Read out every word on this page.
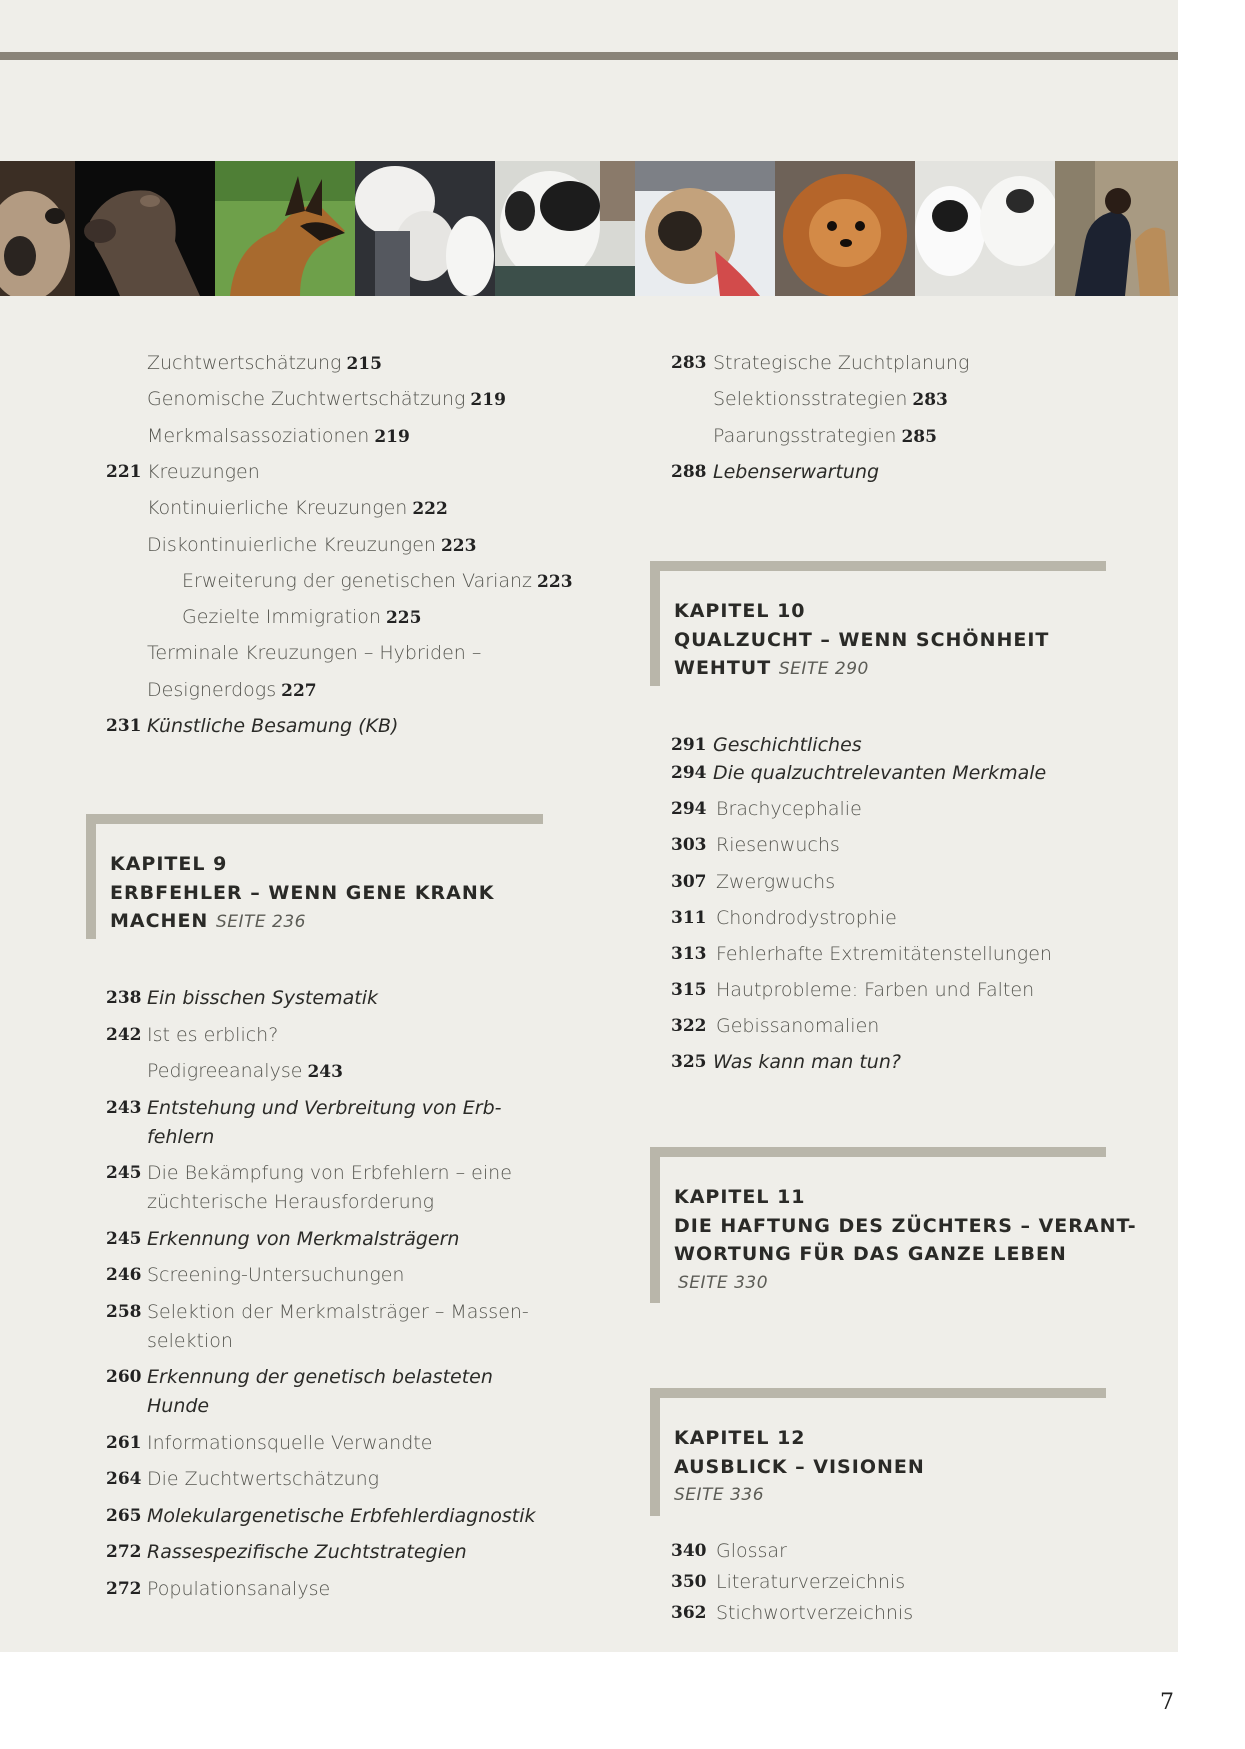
Zuchtwertschätzung 215
Genomische Zuchtwertschätzung 219
Merkmalsassoziationen 219
221 Kreuzungen
Kontinuierliche Kreuzungen 222
Diskontinuierliche Kreuzungen 223
Erweiterung der genetischen Varianz 223
Gezielte Immigration 225
Terminale Kreuzungen – Hybriden –
Designerdogs 227
231 Künstliche Besamung (KB)
KAPITEL 9
ERBFEHLER – WENN GENE KRANK
MACHEN SEITE 236
238 Ein bisschen Systematik
242 Ist es erblich?
Pedigreeanalyse 243
243 Entstehung und Verbreitung von Erb-
fehlern
245 Die Bekämpfung von Erbfehlern – eine
züchterische Herausforderung
245 Erkennung von Merkmalsträgern
246 Screening-Untersuchungen
258 Selektion der Merkmalsträger – Massen-
selektion
260 Erkennung der genetisch belasteten
Hunde
261 Informationsquelle Verwandte
264 Die Zuchtwertschätzung
265 Molekulargenetische Erbfehlerdiagnostik
272 Rassespezifische Zuchtstrategien
272 Populationsanalyse
283 Strategische Zuchtplanung
Selektionsstrategien 283
Paarungsstrategien 285
288 Lebenserwartung
KAPITEL 10
QUALZUCHT – WENN SCHÖNHEIT
WEHTUT SEITE 290
291 Geschichtliches
294 Die qualzuchtrelevanten Merkmale
294 Brachycephalie
303 Riesenwuchs
307 Zwergwuchs
311 Chondrodystrophie
313 Fehlerhafte Extremitätenstellungen
315 Hautprobleme: Farben und Falten
322 Gebissanomalien
325 Was kann man tun?
KAPITEL 11
DIE HAFTUNG DES ZÜCHTERS – VERANT-
WORTUNG FÜR DAS GANZE LEBEN
SEITE 330
KAPITEL 12
AUSBLICK – VISIONEN
SEITE 336
340 Glossar
350 Literaturverzeichnis
362 Stichwortverzeichnis
7
